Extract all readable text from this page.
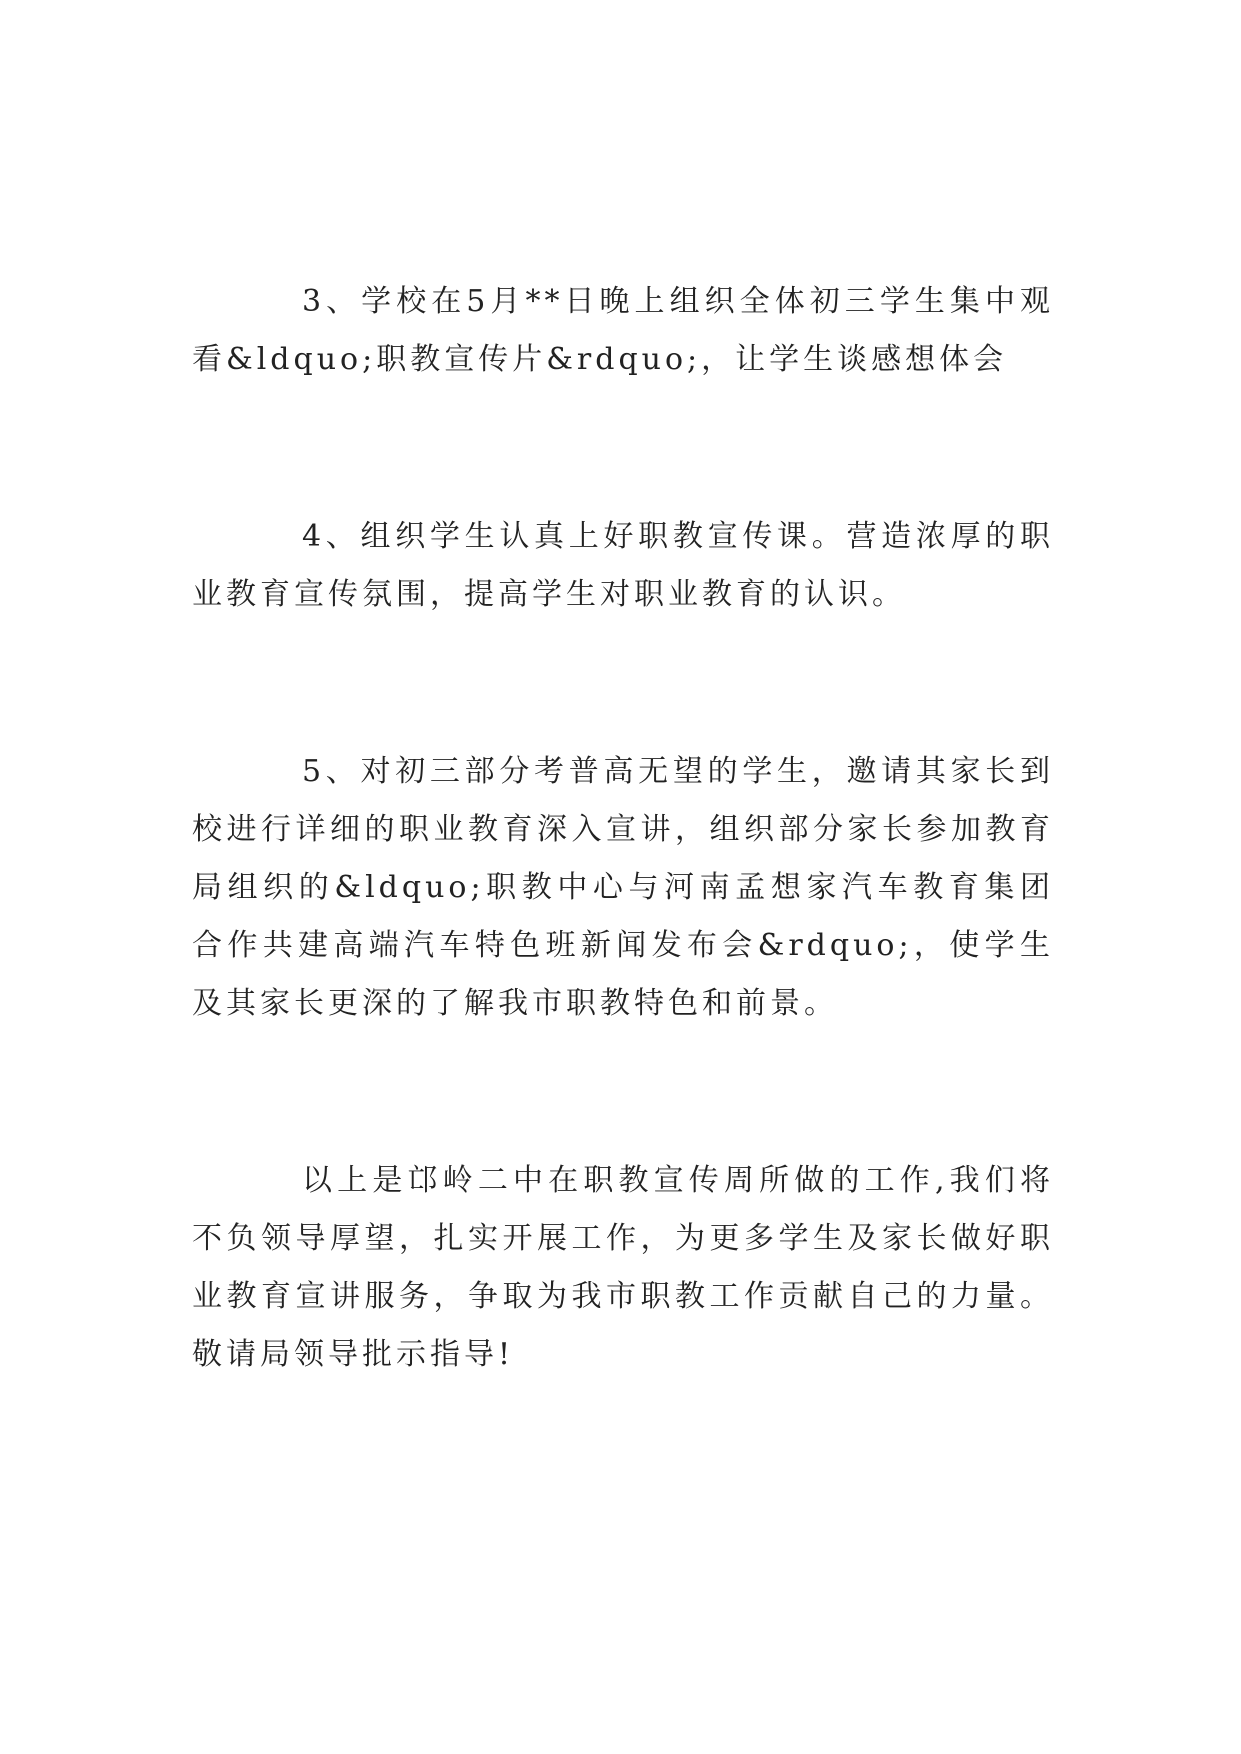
3、学校在5月**日晚上组织全体初三学生集中观看&ldquo;职教宣传片&rdquo;，让学生谈感想体会

4、组织学生认真上好职教宣传课。营造浓厚的职业教育宣传氛围，提高学生对职业教育的认识。

5、对初三部分考普高无望的学生，邀请其家长到校进行详细的职业教育深入宣讲，组织部分家长参加教育局组织的&ldquo;职教中心与河南孟想家汽车教育集团合作共建高端汽车特色班新闻发布会&rdquo;，使学生及其家长更深的了解我市职教特色和前景。

以上是邙岭二中在职教宣传周所做的工作,我们将不负领导厚望，扎实开展工作，为更多学生及家长做好职业教育宣讲服务，争取为我市职教工作贡献自己的力量。敬请局领导批示指导!
